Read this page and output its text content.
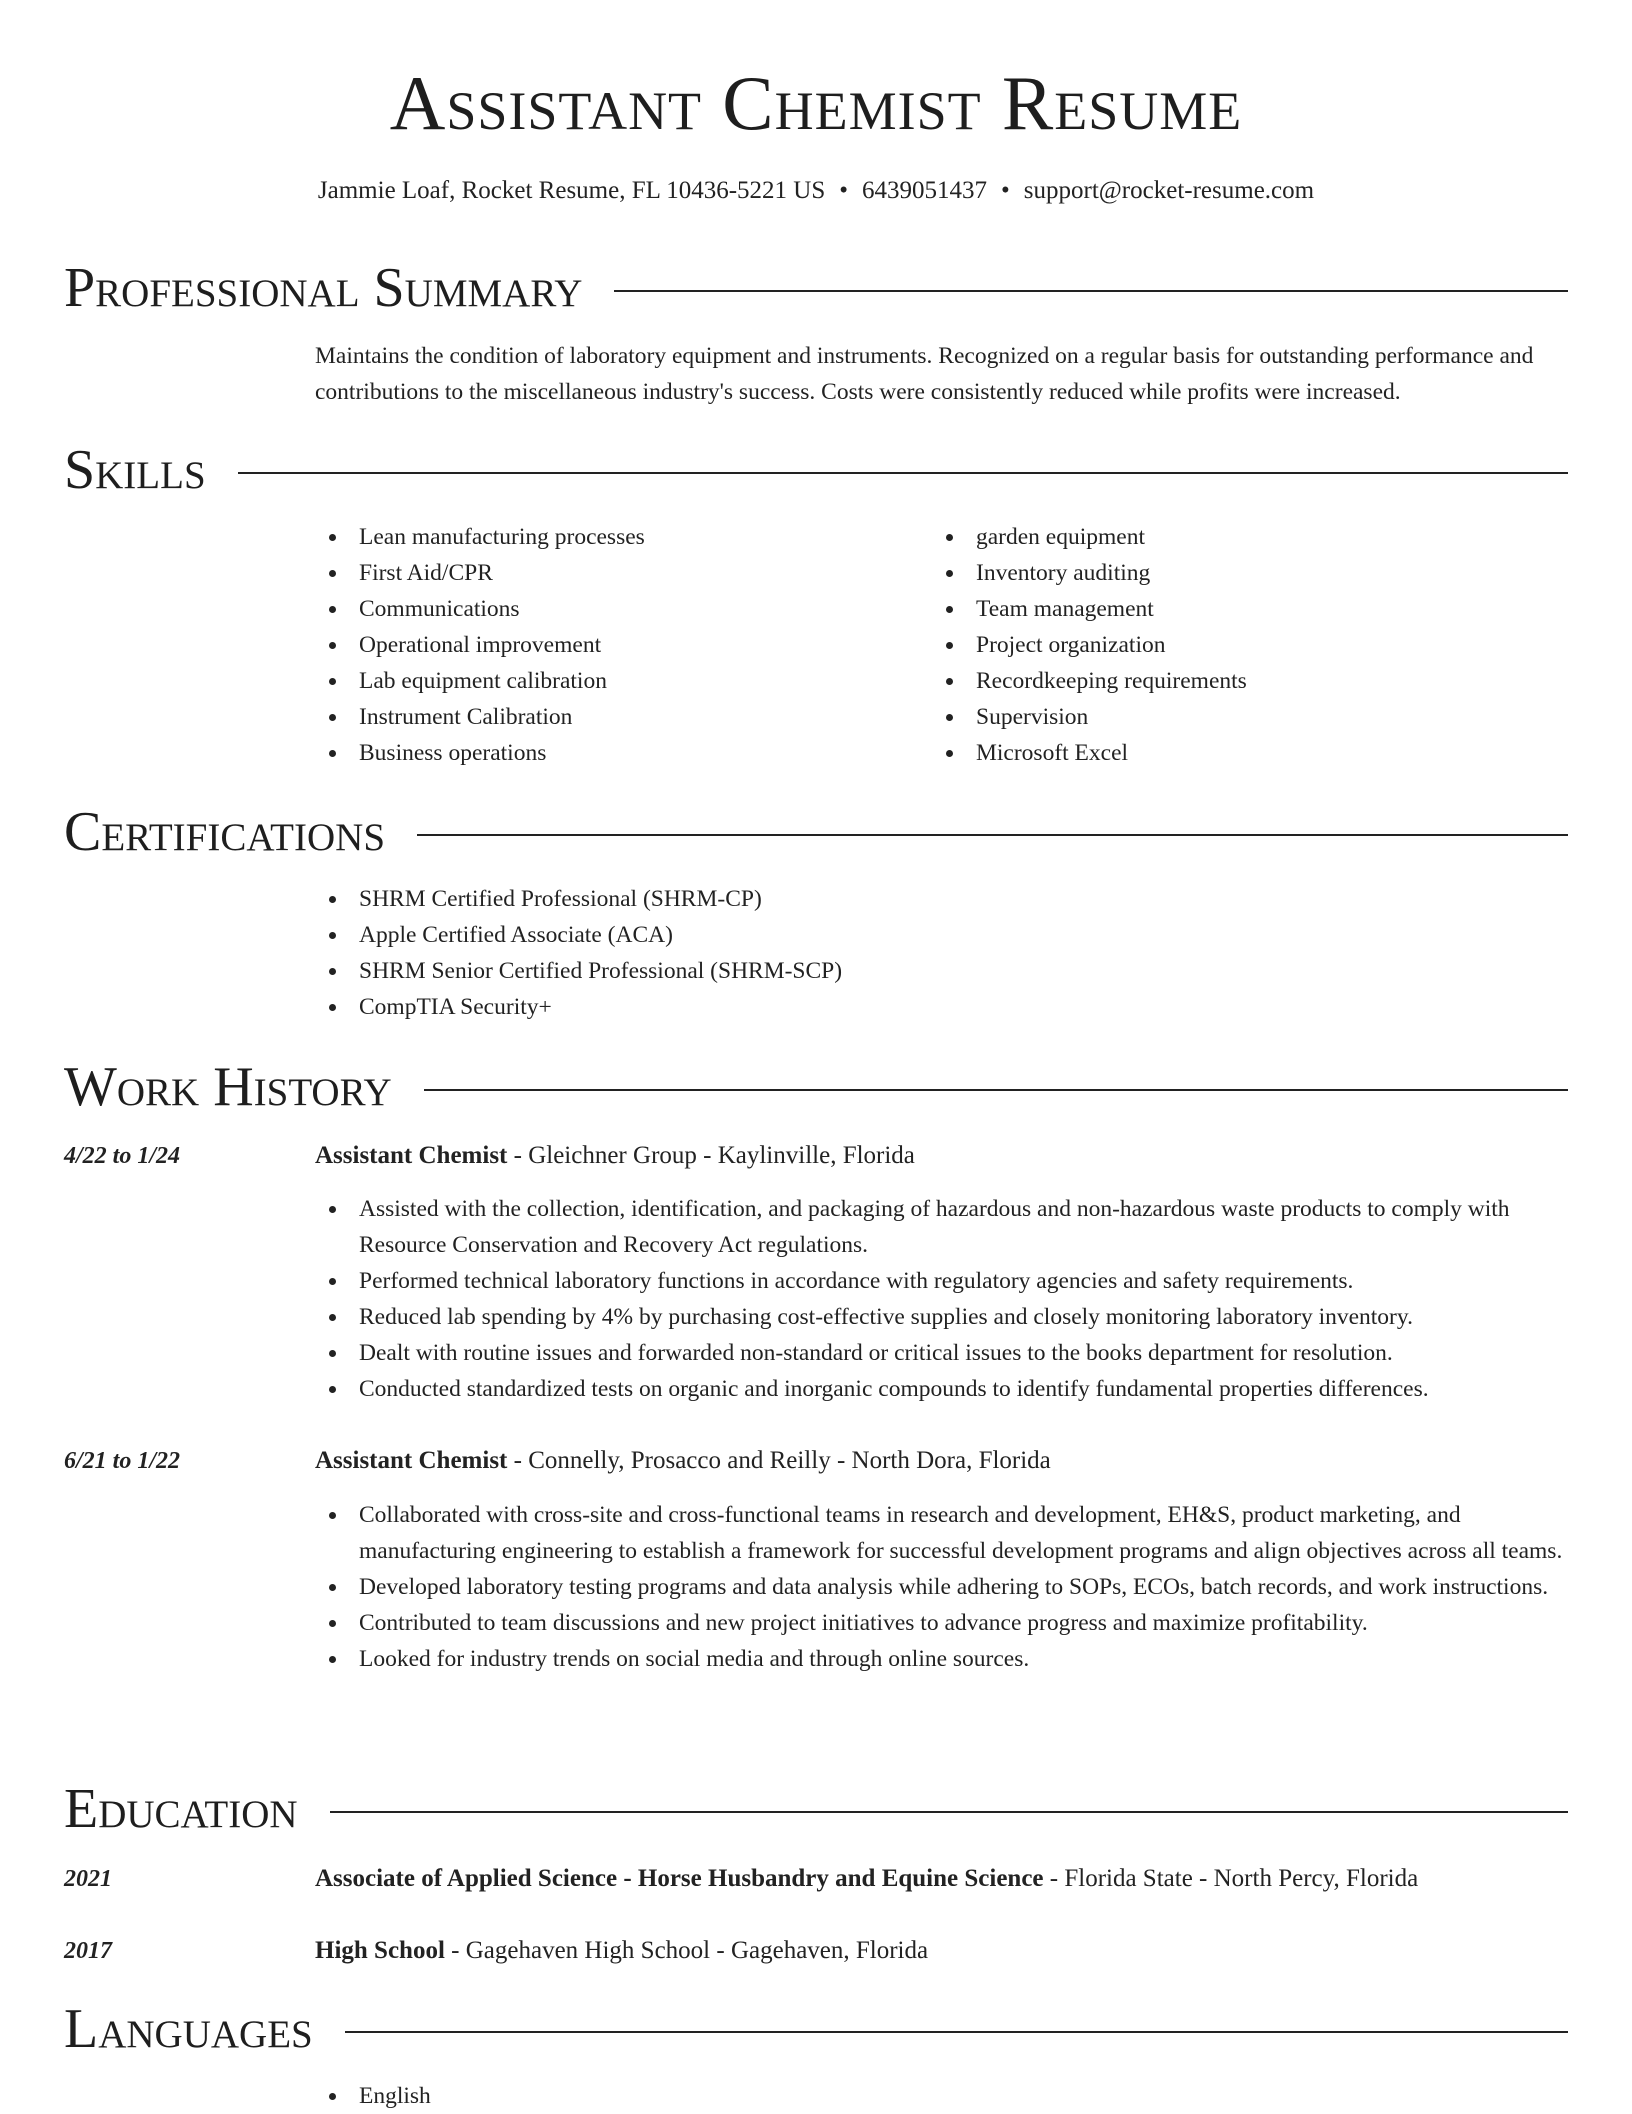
Assistant Chemist Resume
Jammie Loaf, Rocket Resume, FL 10436-5221 US • 6439051437 • support@rocket-resume.com
Professional Summary

Maintains the condition of laboratory equipment and instruments. Recognized on a regular basis for outstanding performance and contributions to the miscellaneous industry's success. Costs were consistently reduced while profits were increased.

Skills
Lean manufacturing processes
First Aid/CPR
Communications
Operational improvement
Lab equipment calibration
Instrument Calibration
Business operations
garden equipment
Inventory auditing
Team management
Project organization
Recordkeeping requirements
Supervision
Microsoft Excel
Certifications
SHRM Certified Professional (SHRM-CP)
Apple Certified Associate (ACA)
SHRM Senior Certified Professional (SHRM-SCP)
CompTIA Security+
Work History
4/22 to 1/24	Assistant Chemist - Gleichner Group - Kaylinville, Florida
Assisted with the collection, identification, and packaging of hazardous and non-hazardous waste products to comply with Resource Conservation and Recovery Act regulations.
Performed technical laboratory functions in accordance with regulatory agencies and safety requirements.
Reduced lab spending by 4% by purchasing cost-effective supplies and closely monitoring laboratory inventory.
Dealt with routine issues and forwarded non-standard or critical issues to the books department for resolution.
Conducted standardized tests on organic and inorganic compounds to identify fundamental properties differences.
6/21 to 1/22	Assistant Chemist - Connelly, Prosacco and Reilly - North Dora, Florida
Collaborated with cross-site and cross-functional teams in research and development, EH&S, product marketing, and manufacturing engineering to establish a framework for successful development programs and align objectives across all teams.
Developed laboratory testing programs and data analysis while adhering to SOPs, ECOs, batch records, and work instructions.
Contributed to team discussions and new project initiatives to advance progress and maximize profitability.
Looked for industry trends on social media and through online sources.
Education
2021	Associate of Applied Science - Horse Husbandry and Equine Science - Florida State - North Percy, Florida
2017	High School - Gagehaven High School - Gagehaven, Florida
Languages
English
